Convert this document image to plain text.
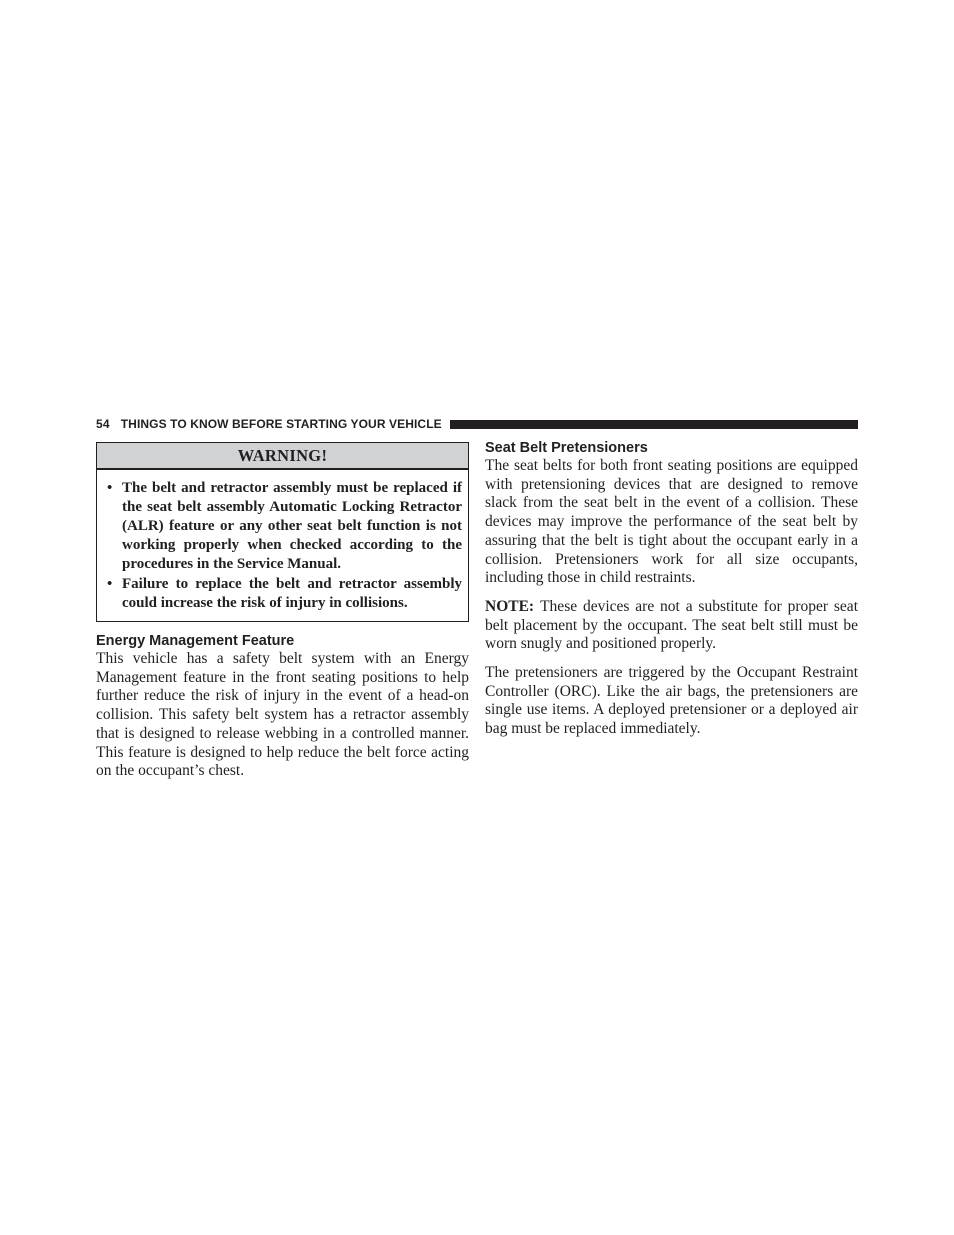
54 THINGS TO KNOW BEFORE STARTING YOUR VEHICLE
WARNING!
• The belt and retractor assembly must be replaced if the seat belt assembly Automatic Locking Retractor (ALR) feature or any other seat belt function is not working properly when checked according to the procedures in the Service Manual.
• Failure to replace the belt and retractor assembly could increase the risk of injury in collisions.
Energy Management Feature

This vehicle has a safety belt system with an Energy Management feature in the front seating positions to help further reduce the risk of injury in the event of a head-on collision. This safety belt system has a retractor assembly that is designed to release webbing in a controlled manner. This feature is designed to help reduce the belt force acting on the occupant’s chest.

Seat Belt Pretensioners

The seat belts for both front seating positions are equipped with pretensioning devices that are designed to remove slack from the seat belt in the event of a collision. These devices may improve the performance of the seat belt by assuring that the belt is tight about the occupant early in a collision. Pretensioners work for all size occupants, including those in child restraints.

NOTE: These devices are not a substitute for proper seat belt placement by the occupant. The seat belt still must be worn snugly and positioned properly.

The pretensioners are triggered by the Occupant Restraint Controller (ORC). Like the air bags, the pretensioners are single use items. A deployed pretensioner or a deployed air bag must be replaced immediately.
